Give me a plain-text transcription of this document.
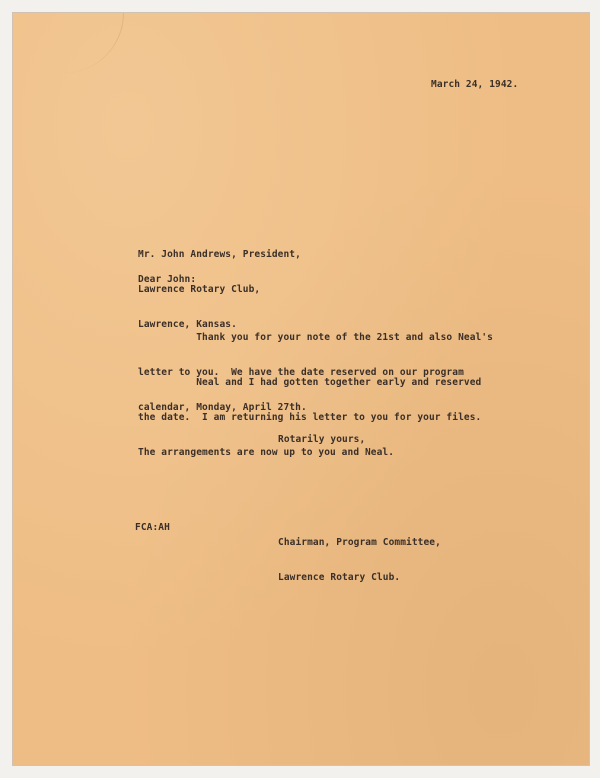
March 24, 1942.

Mr. John Andrews, President,

Lawrence Rotary Club,

Lawrence, Kansas.

Dear John:

Thank you for your note of the 21st and also Neal's

letter to you.  We have the date reserved on our program

calendar, Monday, April 27th.

Neal and I had gotten together early and reserved

the date.  I am returning his letter to you for your files.

The arrangements are now up to you and Neal.

Rotarily yours,
FCA:AH

Chairman, Program Committee,

Lawrence Rotary Club.
